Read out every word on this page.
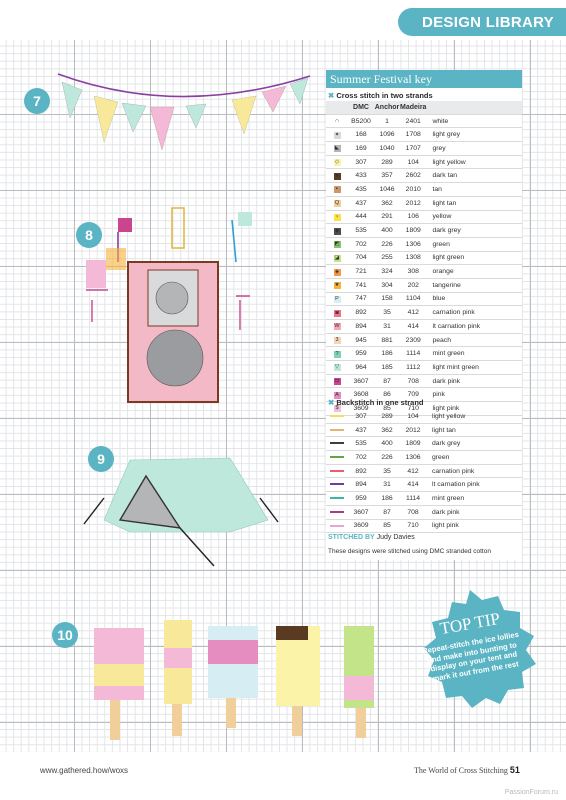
DESIGN LIBRARY
7
8
9
10
Summer Festival key
✖ Cross stitch in two strands
	DMC	Anchor	Madeira	
∩	B5200	1	2401	white
✦	168	1096	1708	light grey
◣	169	1040	1707	grey
◇	307	289	104	light yellow
■	433	357	2602	dark tan
▪	435	1046	2010	tan
Q	437	362	2012	light tan
♀	444	291	106	yellow
◆	535	400	1809	dark grey
◩	702	226	1306	green
◪	704	255	1308	light green
◈	721	324	308	orange
★	741	304	202	tangerine
P	747	158	1104	blue
◙	892	35	412	carnation pink
W	894	31	414	lt carnation pink
3	945	881	2309	peach
?	959	186	1114	mint green
▽	964	185	1112	light mint green
◘	3607	87	708	dark pink
A	3608	86	709	pink
$	3609	85	710	light pink
✖ Backstitch in one strand
	307	289	104	light yellow
	437	362	2012	light tan
	535	400	1809	dark grey
	702	226	1306	green
	892	35	412	carnation pink
	894	31	414	lt carnation pink
	959	186	1114	mint green
	3607	87	708	dark pink
	3609	85	710	light pink
STITCHED BY Judy Davies
These designs were stitched using DMC stranded cotton
TOP TIP
Repeat-stitch the ice lollies and make into bunting to display on your tent and mark it out from the rest
www.gathered.how/woxs	The World of Cross Stitching 51
PassionForum.ru
